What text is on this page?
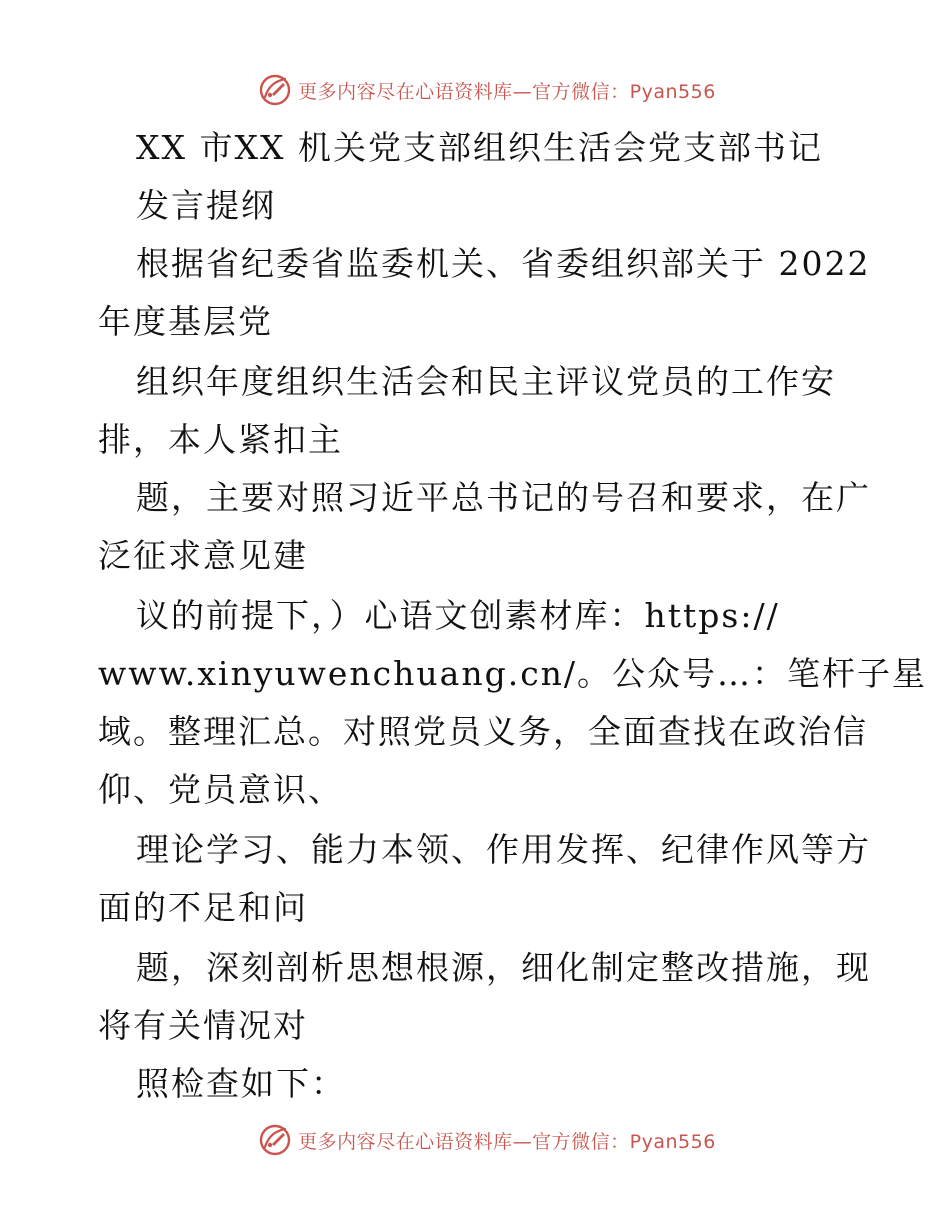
更多内容尽在心语资料库—官方微信：Pyan556
XX 市XX 机关党支部组织生活会党支部书记
发言提纲
根据省纪委省监委机关、省委组织部关于 2022
年度基层党
组织年度组织生活会和民主评议党员的工作安
排，本人紧扣主
题，主要对照习近平总书记的号召和要求，在广
泛征求意见建
议的前提下，）心语文创素材库：https://
www.xinyuwenchuang.cn/。公众号…：笔杆子星
域。整理汇总。对照党员义务，全面查找在政治信
仰、党员意识、
理论学习、能力本领、作用发挥、纪律作风等方
面的不足和问
题，深刻剖析思想根源，细化制定整改措施，现
将有关情况对
照检查如下：
更多内容尽在心语资料库—官方微信：Pyan556
